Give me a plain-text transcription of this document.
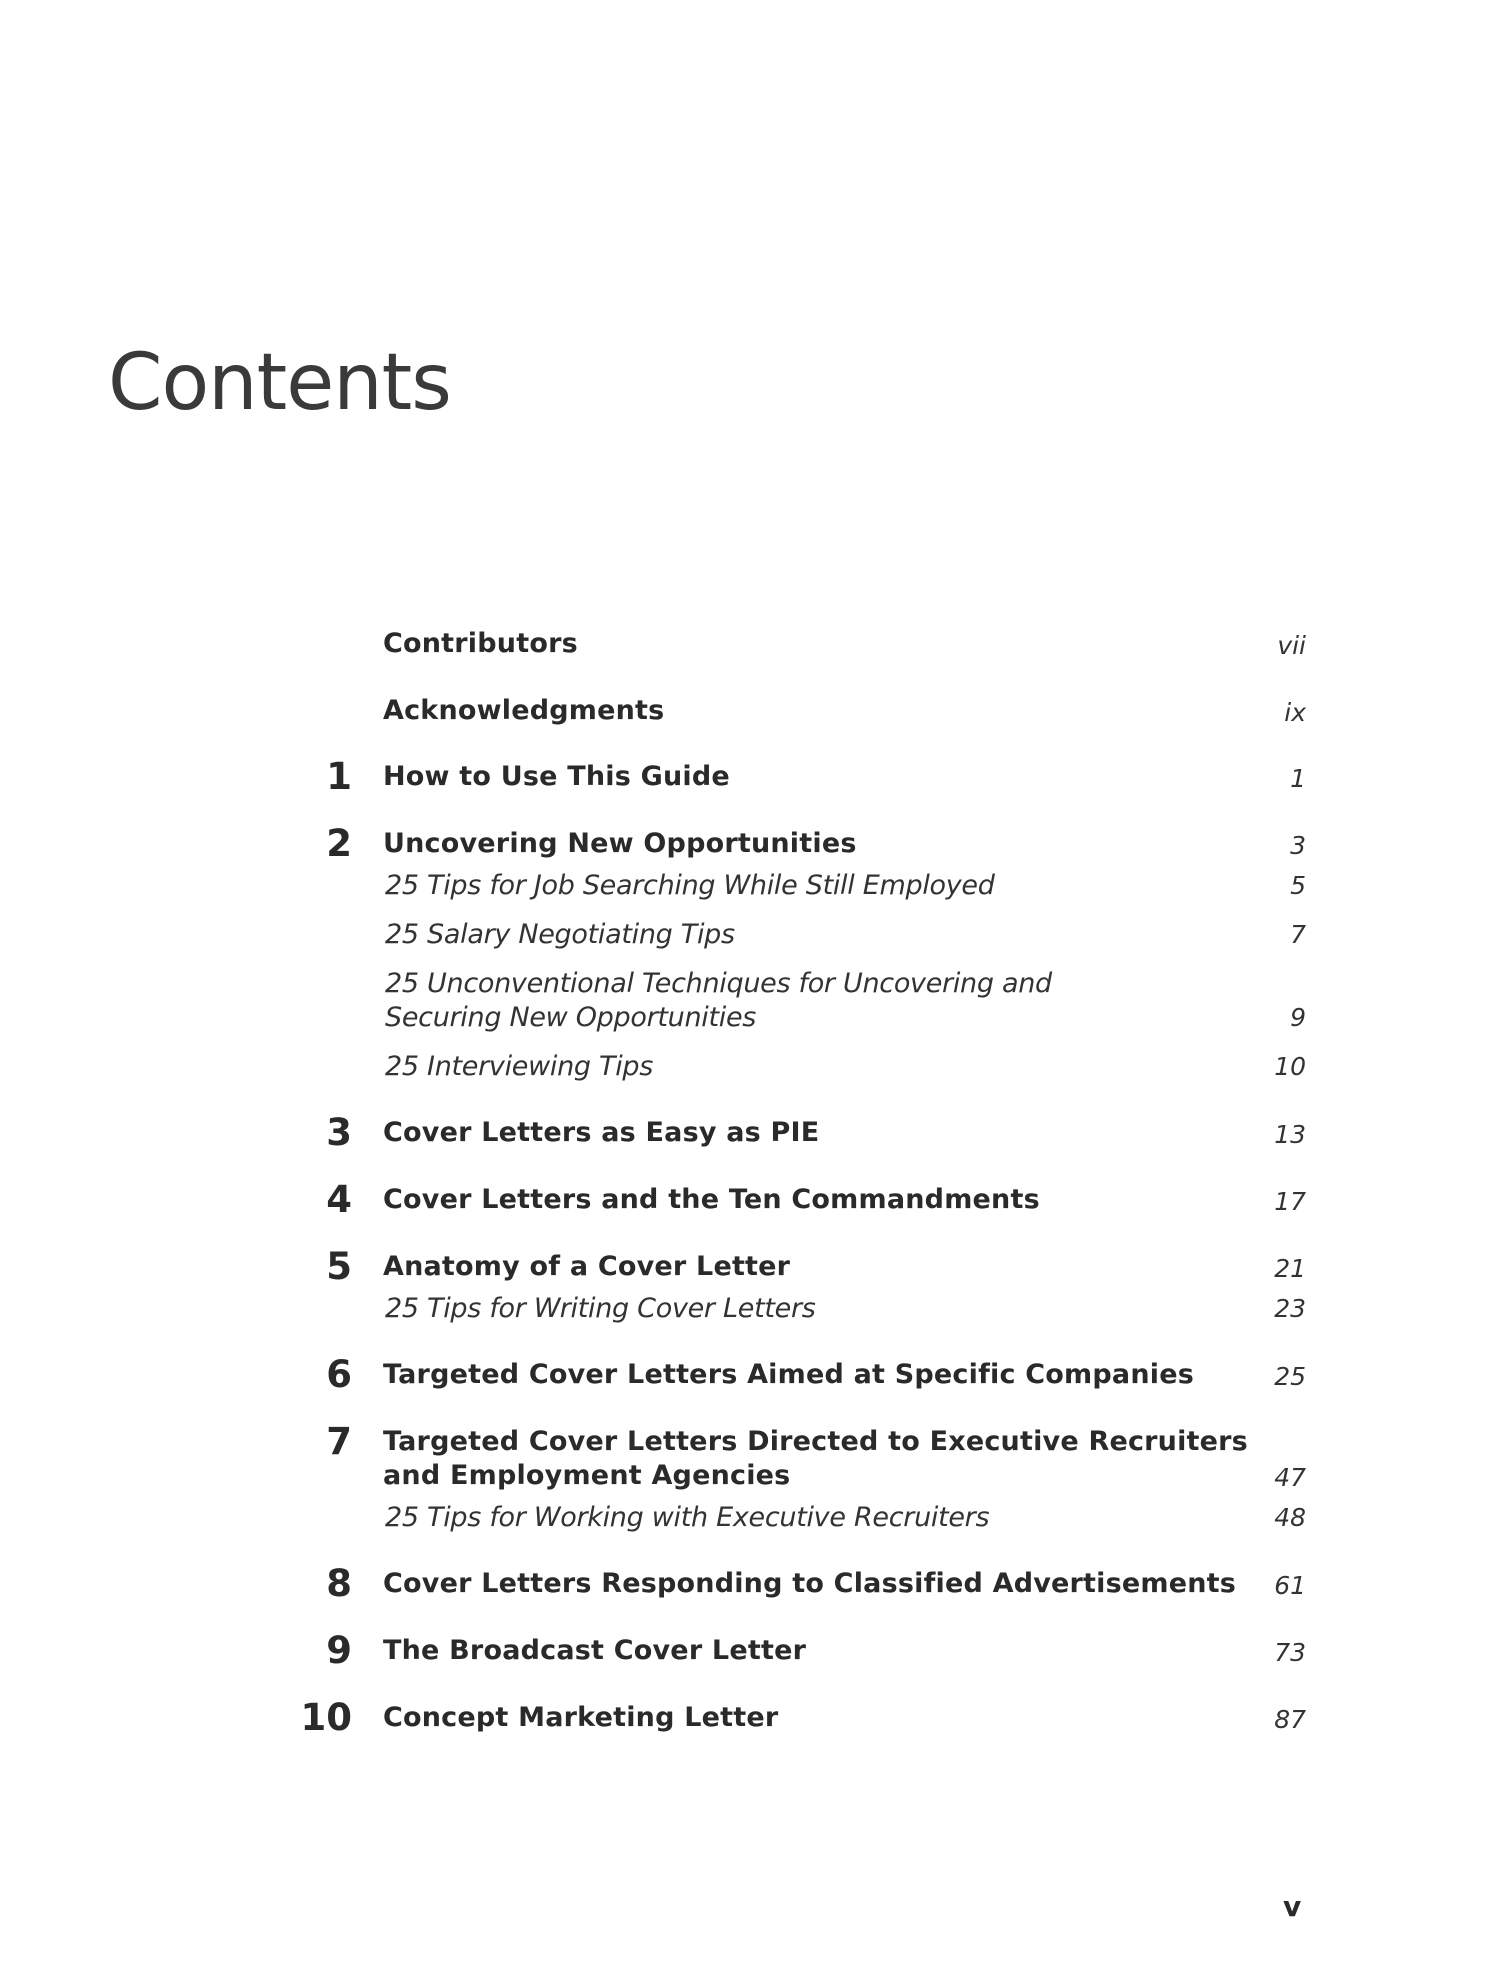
Contents
Contributors	vii
Acknowledgments	ix
1 How to Use This Guide	1
2 Uncovering New Opportunities	3
25 Tips for Job Searching While Still Employed	5
25 Salary Negotiating Tips	7
25 Unconventional Techniques for Uncovering and
Securing New Opportunities	9
25 Interviewing Tips	10
3 Cover Letters as Easy as PIE	13
4 Cover Letters and the Ten Commandments	17
5 Anatomy of a Cover Letter	21
25 Tips for Writing Cover Letters	23
6 Targeted Cover Letters Aimed at Specific Companies	25
7 Targeted Cover Letters Directed to Executive Recruiters
and Employment Agencies	47
25 Tips for Working with Executive Recruiters	48
8 Cover Letters Responding to Classified Advertisements 61
9 The Broadcast Cover Letter	73
10 Concept Marketing Letter	87
v
